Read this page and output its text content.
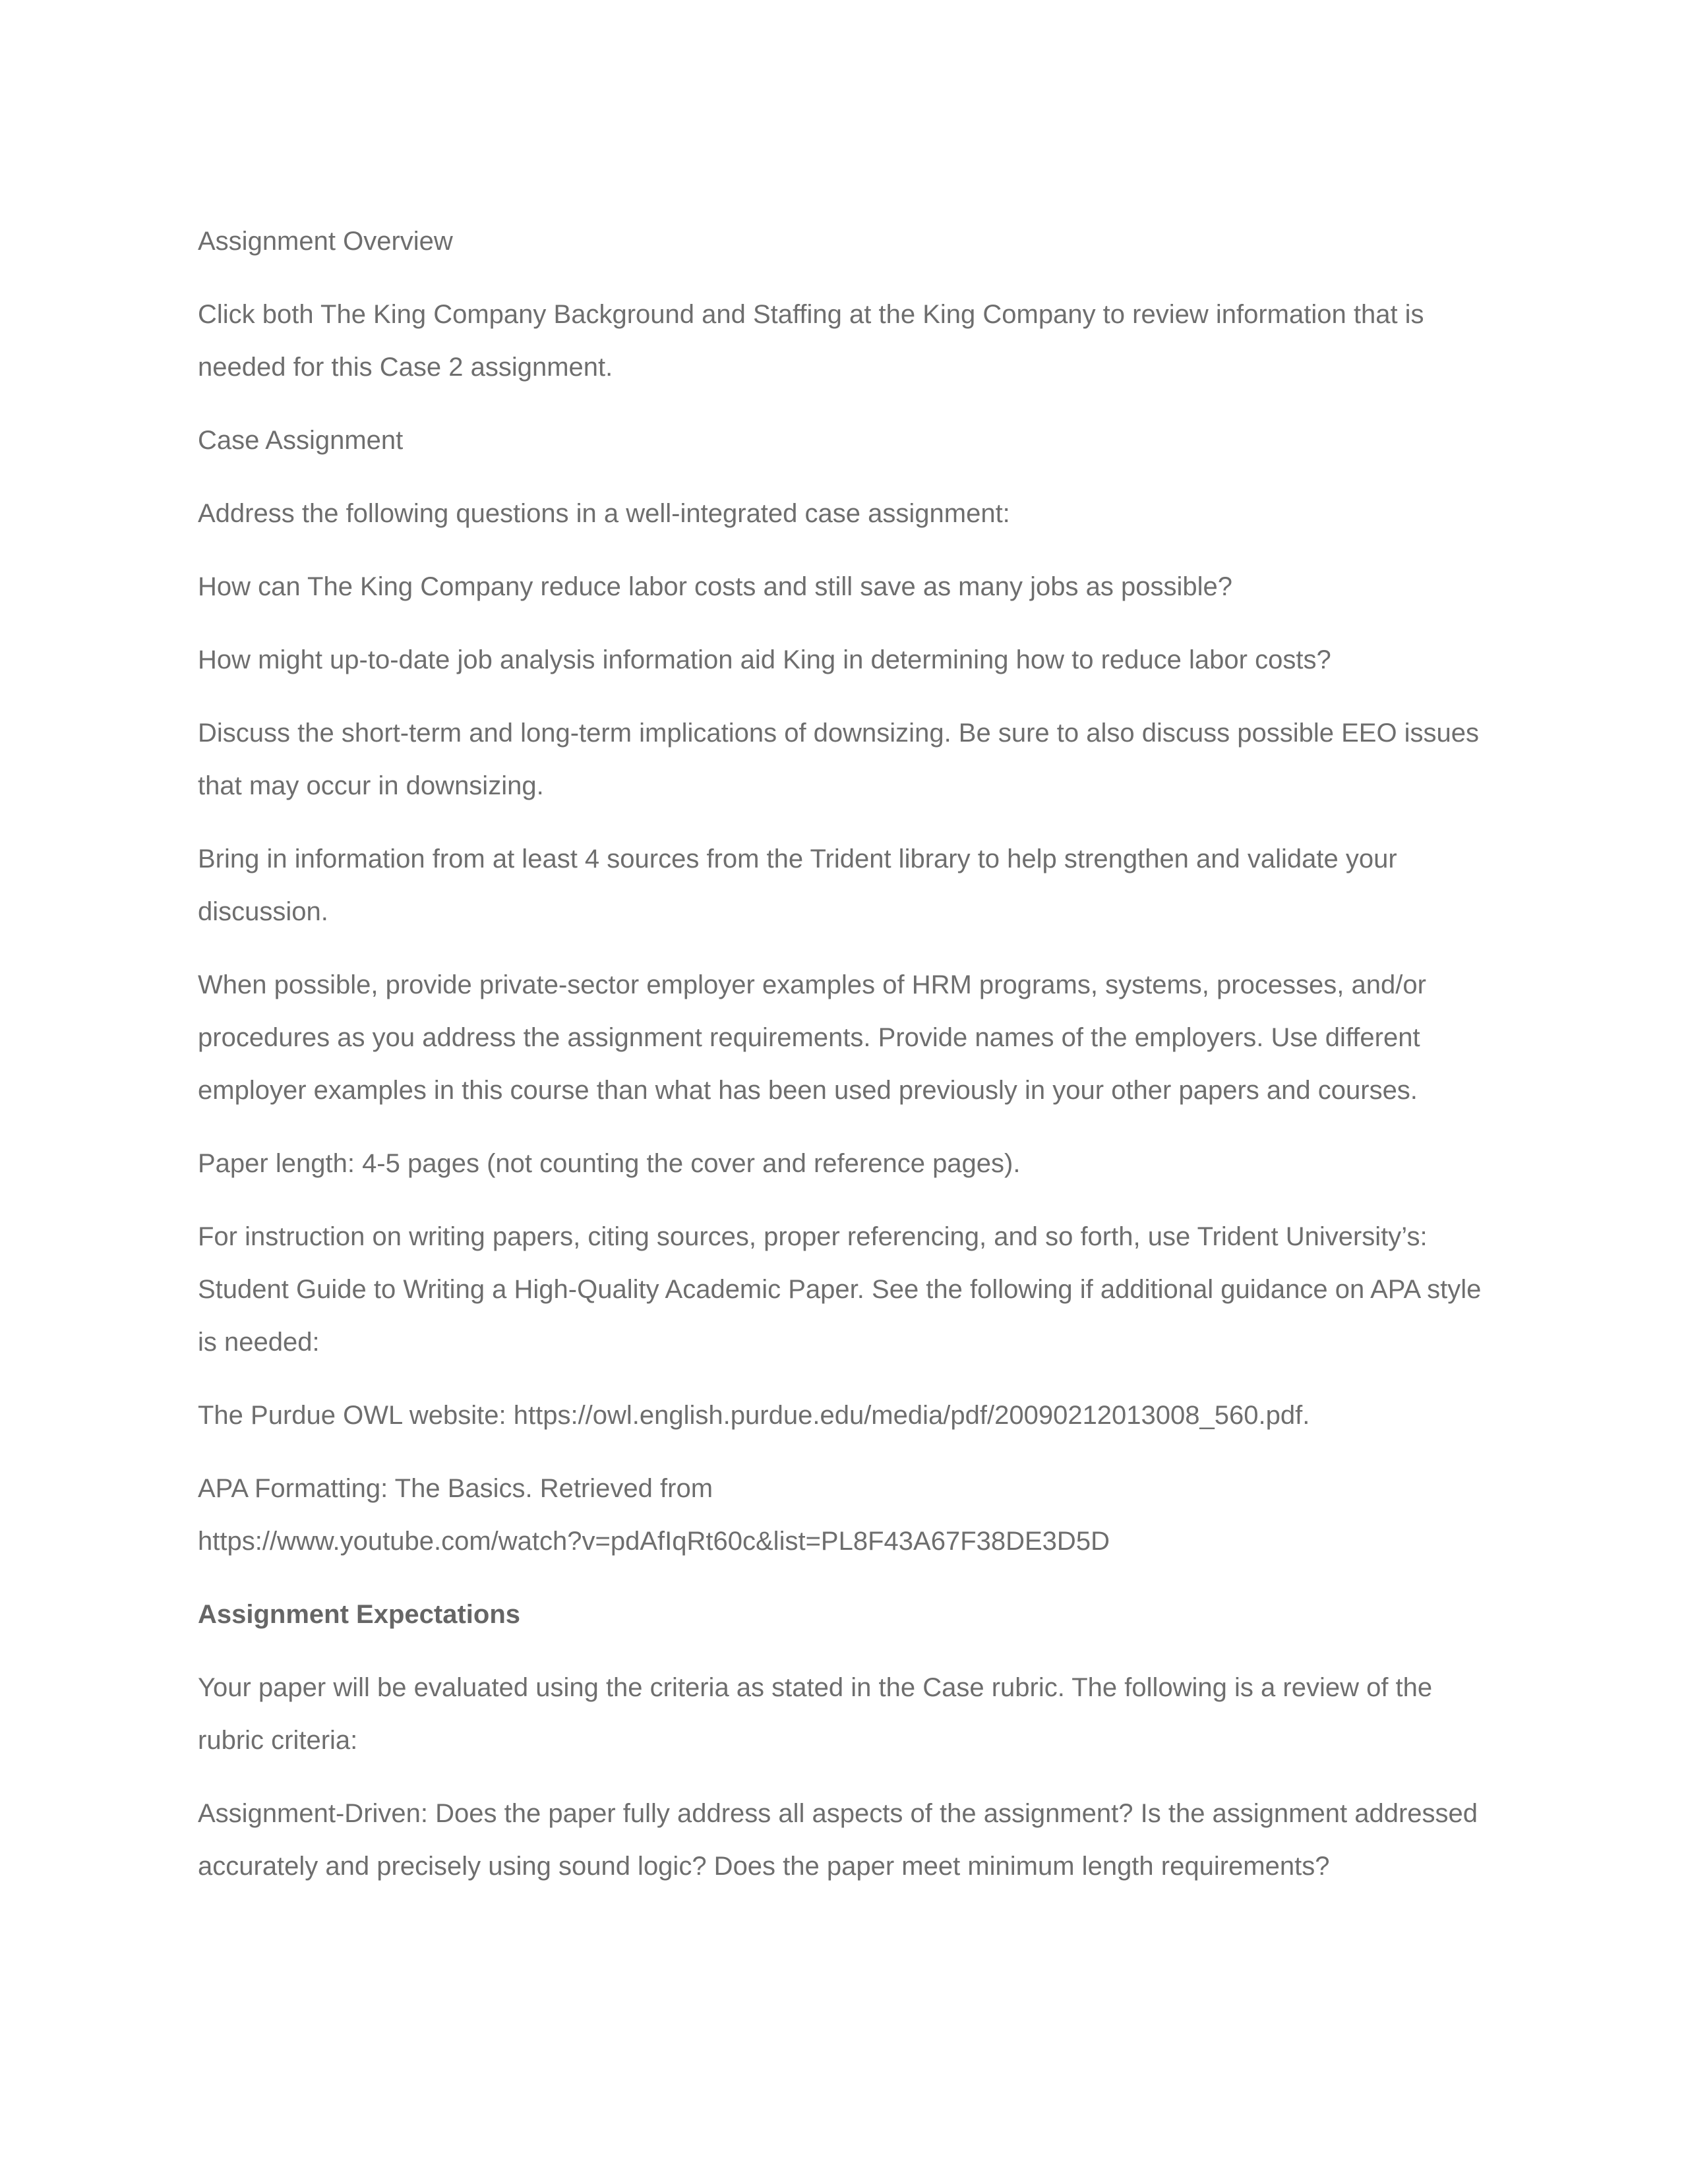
Assignment Overview

Click both The King Company Background and Staffing at the King Company to review information that is needed for this Case 2 assignment.

Case Assignment

Address the following questions in a well-integrated case assignment:

How can The King Company reduce labor costs and still save as many jobs as possible?

How might up-to-date job analysis information aid King in determining how to reduce labor costs?

Discuss the short-term and long-term implications of downsizing. Be sure to also discuss possible EEO issues that may occur in downsizing.

Bring in information from at least 4 sources from the Trident library to help strengthen and validate your discussion.

When possible, provide private-sector employer examples of HRM programs, systems, processes, and/or procedures as you address the assignment requirements. Provide names of the employers. Use different employer examples in this course than what has been used previously in your other papers and courses.

Paper length: 4-5 pages (not counting the cover and reference pages).

For instruction on writing papers, citing sources, proper referencing, and so forth, use Trident University’s: Student Guide to Writing a High-Quality Academic Paper. See the following if additional guidance on APA style is needed:

The Purdue OWL website: https://owl.english.purdue.edu/media/pdf/20090212013008_560.pdf.

APA Formatting: The Basics. Retrieved from
https://www.youtube.com/watch?v=pdAfIqRt60c&list=PL8F43A67F38DE3D5D

Assignment Expectations

Your paper will be evaluated using the criteria as stated in the Case rubric. The following is a review of the rubric criteria:

Assignment-Driven: Does the paper fully address all aspects of the assignment? Is the assignment addressed accurately and precisely using sound logic? Does the paper meet minimum length requirements?
